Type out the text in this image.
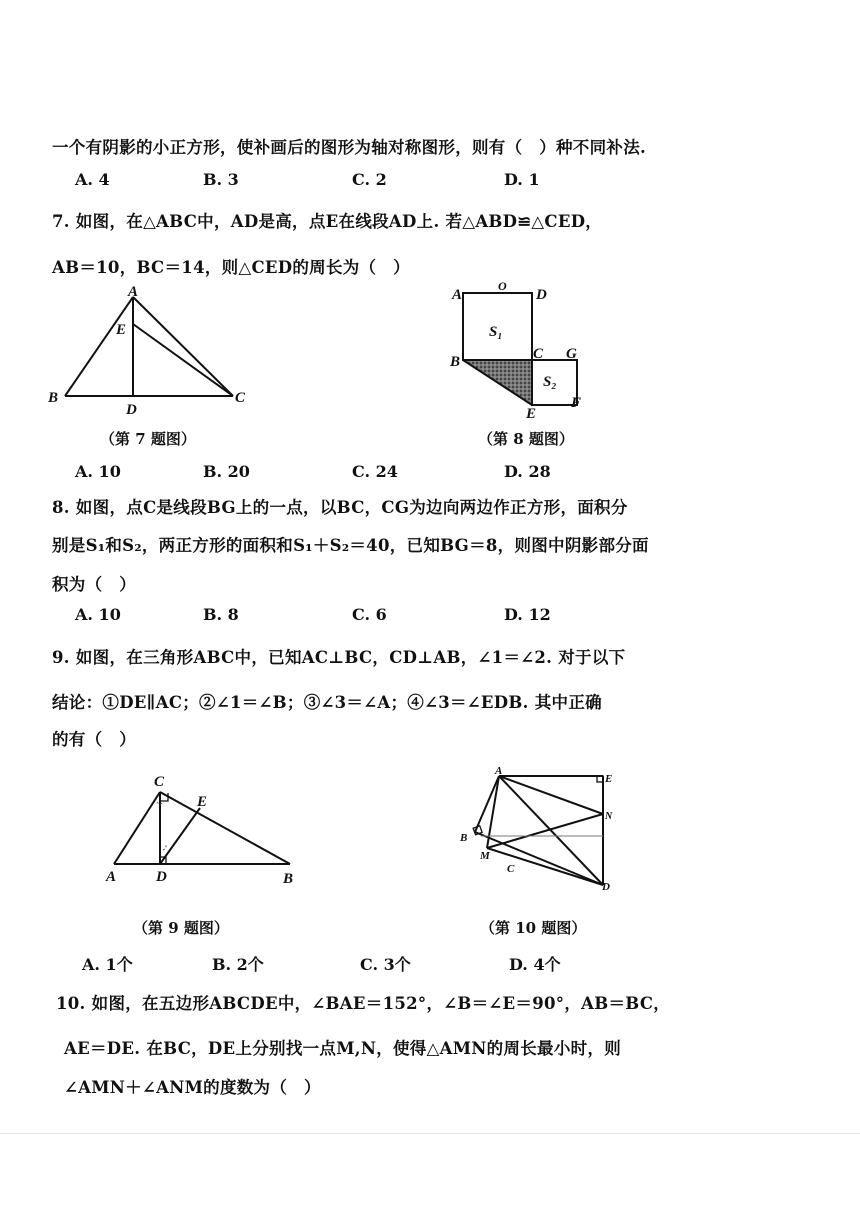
一个有阴影的小正方形，使补画后的图形为轴对称图形，则有（　）种不同补法.
A. 4	B. 3	C. 2	D. 1
7. 如图，在△ABC中，AD是高，点E在线段AD上. 若△ABD≌△CED，
AB＝10，BC＝14，则△CED的周长为（　）
A
E
B
D
C
（第 7 题图）
A
O
D
S₁
B	C G
S₂
E
F
（第 8 题图）
A. 10	B. 20	C. 24	D. 28
8. 如图，点C是线段BG上的一点，以BC，CG为边向两边作正方形，面积分
别是S₁和S₂，两正方形的面积和S₁＋S₂＝40，已知BG＝8，则图中阴影部分面
积为（　）
A. 10	B. 8	C. 6	D. 12
9. 如图，在三角形ABC中，已知AC⊥BC，CD⊥AB，∠1＝∠2. 对于以下
结论：①DE∥AC；②∠1＝∠B；③∠3＝∠A；④∠3＝∠EDB. 其中正确
的有（　）
C
E
A	D	B
（第 9 题图）
A
E
N
B
M
C
D
（第 10 题图）
A. 1个	B. 2个	C. 3个	D. 4个
10. 如图，在五边形ABCDE中，∠BAE＝152°，∠B＝∠E＝90°，AB＝BC，
AE＝DE. 在BC，DE上分别找一点M,N，使得△AMN的周长最小时，则
∠AMN＋∠ANM的度数为（　）
